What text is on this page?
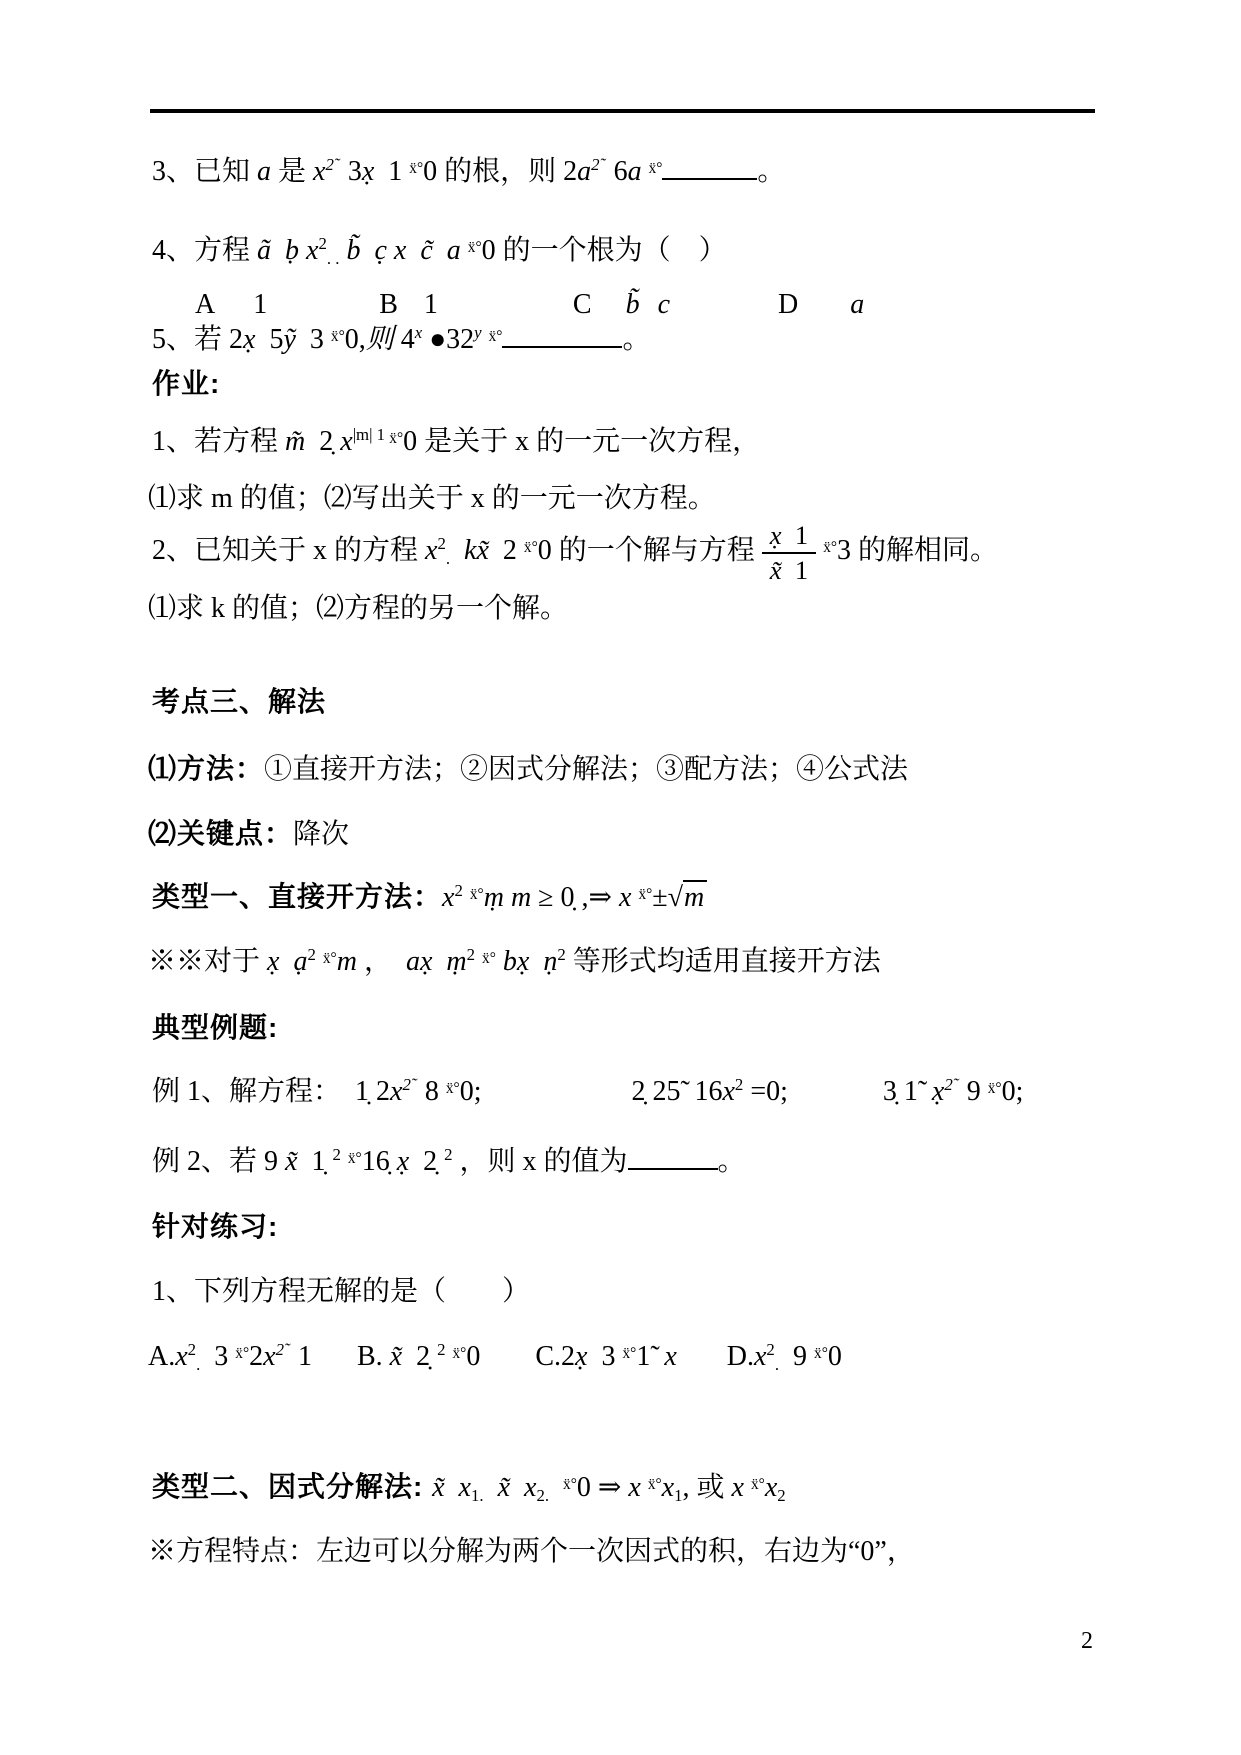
3、已知 a 是 $x^{2̃}$  3x̣  1 $^{ẍ^\circ}$0 的根，则 $2a^{2̃}$  6a $^{ẍ^\circ}$	。
4、方程 ã ḅ $x^2_{. .}$ b̃ c̣ x c̃ a $^{ẍ^\circ}$0 的一个根为（　）
A 1	B 1	C b̃ c	D a
5、若 2x̣  5ỹ  3 $^{ẍ^\circ}$0,则 4$^x$ ●32$^y$ $^{ẍ^\circ}$	。
作业:
1、若方程 m̃  2̣ $x^{|m| 1}$ $^{ẍ^\circ}$0 是关于 x 的一元一次方程，
⑴求 m 的值；⑵写出关于 x 的一元一次方程。
2、已知关于 x 的方程 $x^2_.$ kx̃  2 $^{ẍ^\circ}$0 的一个解与方程 $\frac{x̣ 1}{x̃ 1} ^{ẍ^\circ}3$ 的解相同。
⑴求 k 的值；⑵方程的另一个解。
考点三、解法
⑴方法：①直接开方法；②因式分解法；③配方法；④公式法
⑵关键点：降次
类型一、直接开方法：$x^2$ $^{ẍ^\circ}$ṃ m ≥ 0̣ ,⇒ x $^{ẍ^\circ}$±√m
※※对于 x̣ ạ$^2$ $^{ẍ^\circ}$m ，  ax̣ ṃ$^2$ $^{ẍ^\circ}$ bx̣ ṇ$^2$ 等形式均适用直接开方法
典型例题:
例 1、解方程：  1̣ $2x^{2̃}$  8 $^{ẍ^\circ}$0;	2̣ 25̃  $16x^2 =0$;	3̣ 1̃  x̣$^{2̃}$  9 $^{ẍ^\circ}$0;
例 2、若 9 x̃  1̣ $^2$ $^{ẍ^\circ}$16̣ x̣  2̣ $^2$ ，则 x 的值为	。
针对练习:
1、下列方程无解的是（　　）
$A.x^2_.$  3 $^{ẍ^\circ}2x^{2̃}$  1 B. x̃  2̣ $^2$ $^{ẍ^\circ}$0 C.2x̣  3 $^{ẍ^\circ}$1̃ x $D.x^2_.$  9 $^{ẍ^\circ}$0
类型二、因式分解法: x̃ $x_{1.}$ x̃ $x_{2.}$  $^{ẍ^\circ}$0 ⇒ x $^{ẍ^\circ}x_1$, 或 x $^{ẍ^\circ}x_2$
※方程特点：左边可以分解为两个一次因式的积，右边为“0”，
2
